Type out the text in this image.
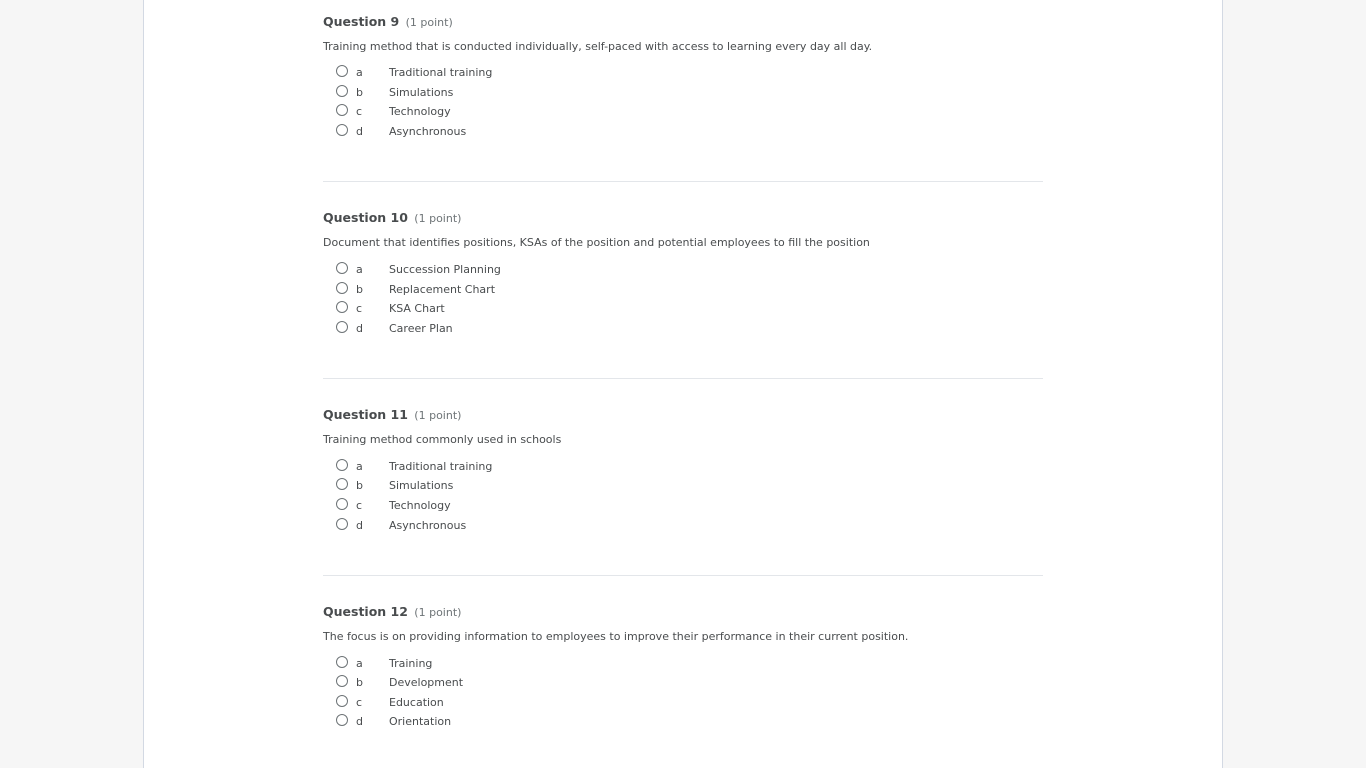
Question 9 (1 point)
Training method that is conducted individually, self-paced with access to learning every day all day.
a Traditional training
b Simulations
c Technology
d Asynchronous
Question 10 (1 point)
Document that identifies positions, KSAs of the position and potential employees to fill the position
a Succession Planning
b Replacement Chart
c KSA Chart
d Career Plan
Question 11 (1 point)
Training method commonly used in schools
a Traditional training
b Simulations
c Technology
d Asynchronous
Question 12 (1 point)
The focus is on providing information to employees to improve their performance in their current position.
a Training
b Development
c Education
d Orientation
